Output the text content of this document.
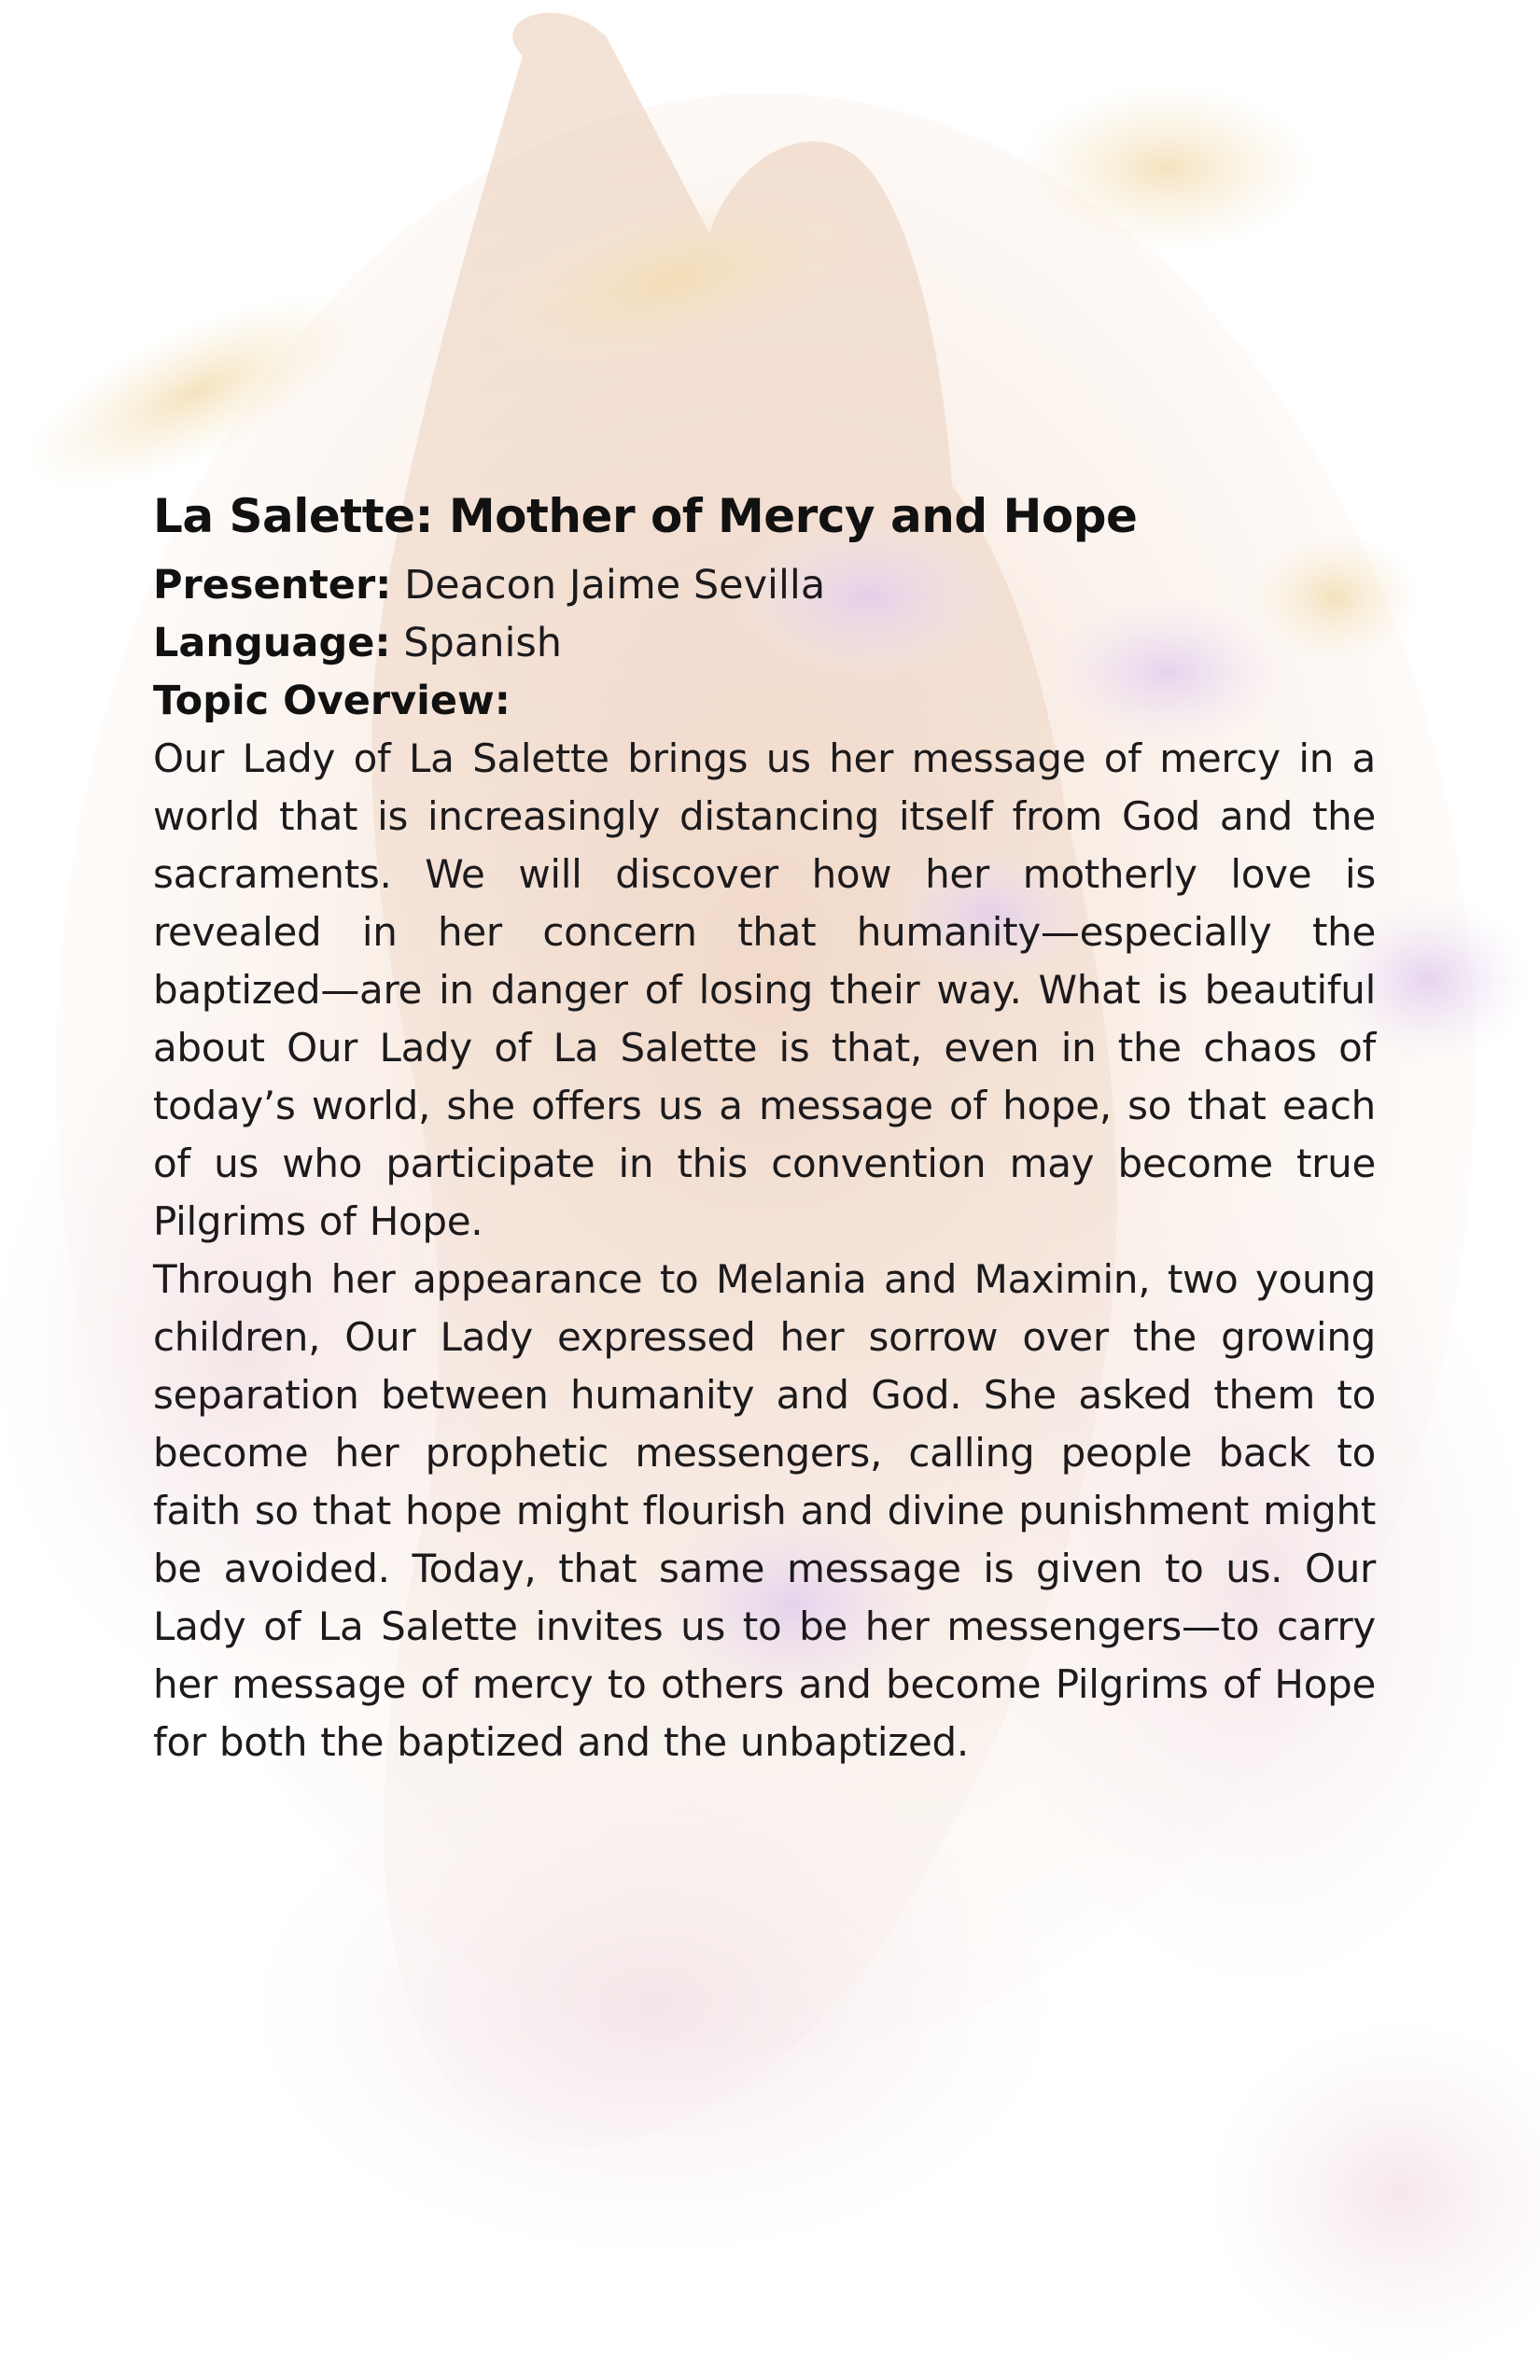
La Salette: Mother of Mercy and Hope

Presenter: Deacon Jaime Sevilla

Language: Spanish

Topic Overview:

Our Lady of La Salette brings us her message of mercy in a world that is increasingly distancing itself from God and the sacraments. We will discover how her motherly love is revealed in her concern that humanity—especially the baptized—are in danger of losing their way. What is beautiful about Our Lady of La Salette is that, even in the chaos of today’s world, she offers us a message of hope, so that each of us who participate in this convention may become true Pilgrims of Hope.

Through her appearance to Melania and Maximin, two young children, Our Lady expressed her sorrow over the growing separation between humanity and God. She asked them to become her prophetic messengers, calling people back to faith so that hope might flourish and divine punishment might be avoided. Today, that same message is given to us. Our Lady of La Salette invites us to be her messengers—to carry her message of mercy to others and become Pilgrims of Hope for both the baptized and the unbaptized.
